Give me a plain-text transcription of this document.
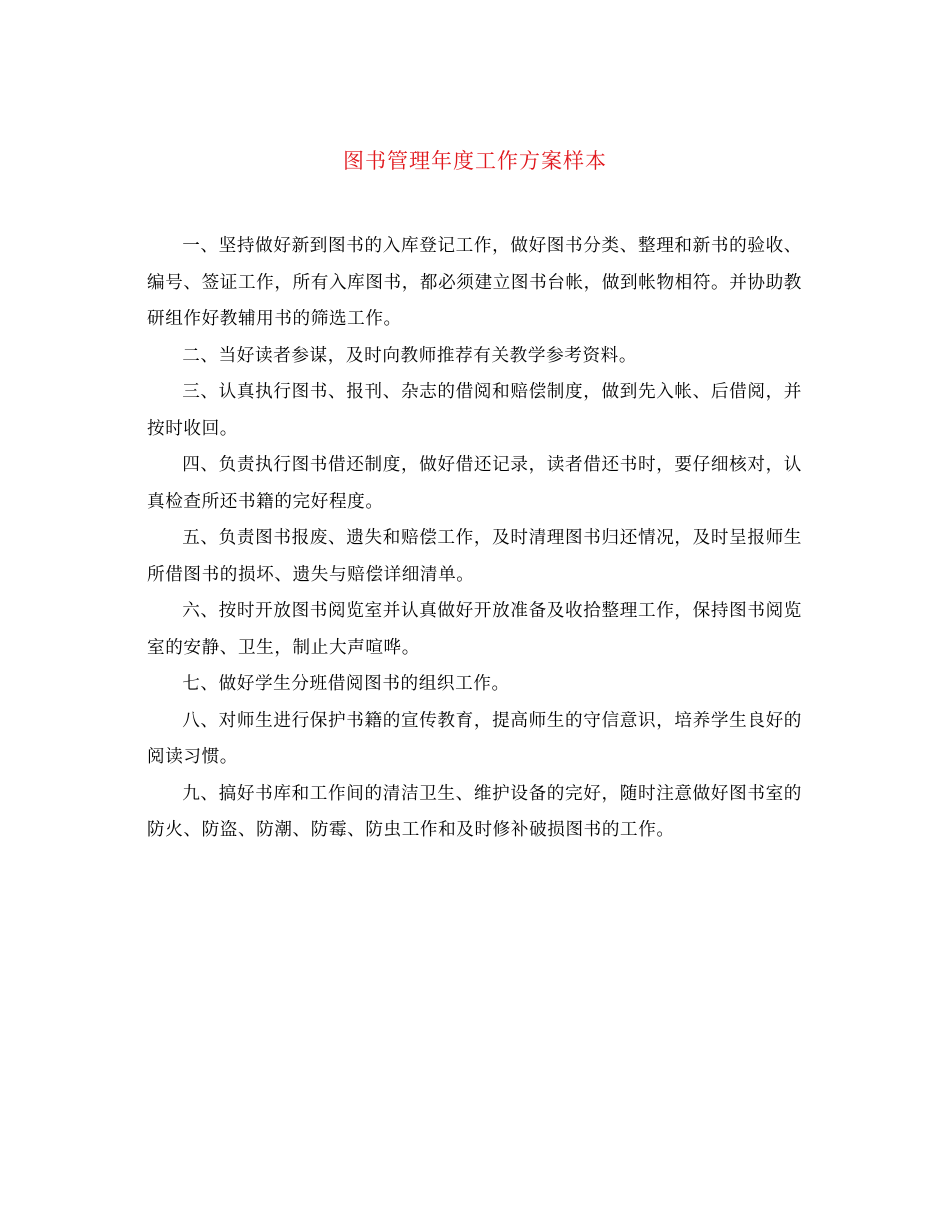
图书管理年度工作方案样本

一、坚持做好新到图书的入库登记工作，做好图书分类、整理和新书的验收、编号、签证工作，所有入库图书，都必须建立图书台帐，做到帐物相符。并协助教研组作好教辅用书的筛选工作。

二、当好读者参谋，及时向教师推荐有关教学参考资料。

三、认真执行图书、报刊、杂志的借阅和赔偿制度，做到先入帐、后借阅，并按时收回。

四、负责执行图书借还制度，做好借还记录，读者借还书时，要仔细核对，认真检查所还书籍的完好程度。

五、负责图书报废、遗失和赔偿工作，及时清理图书归还情况，及时呈报师生所借图书的损坏、遗失与赔偿详细清单。

六、按时开放图书阅览室并认真做好开放准备及收拾整理工作，保持图书阅览室的安静、卫生，制止大声喧哗。

七、做好学生分班借阅图书的组织工作。

八、对师生进行保护书籍的宣传教育，提高师生的守信意识，培养学生良好的阅读习惯。

九、搞好书库和工作间的清洁卫生、维护设备的完好，随时注意做好图书室的防火、防盗、防潮、防霉、防虫工作和及时修补破损图书的工作。
